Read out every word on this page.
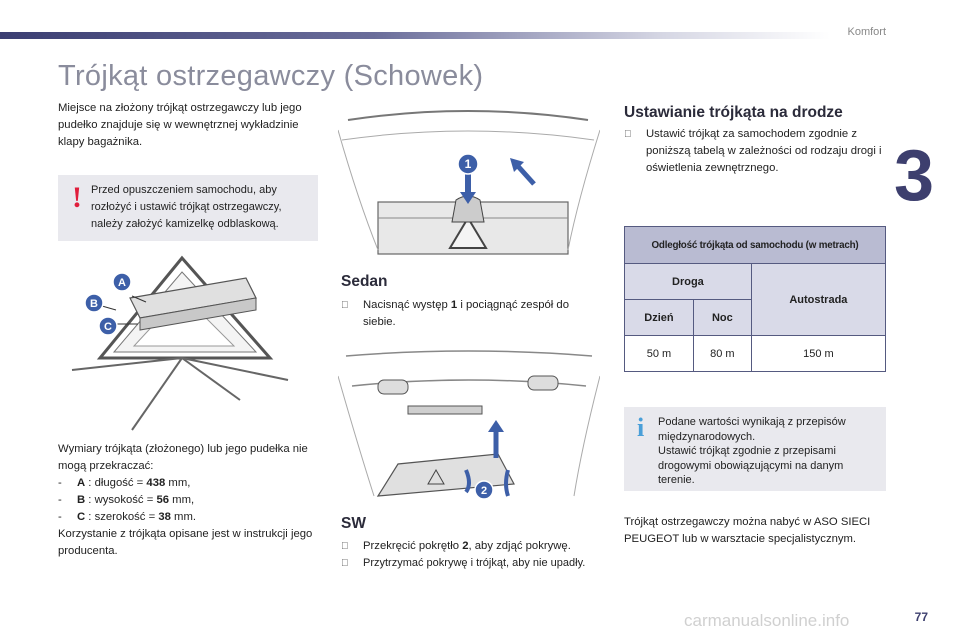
Komfort
3
Trójkąt ostrzegawczy (Schowek)
Miejsce na złożony trójkąt ostrzegawczy lub jego pudełko znajduje się w wewnętrznej wykładzinie klapy bagażnika.
! Przed opuszczeniem samochodu, aby rozłożyć i ustawić trójkąt ostrzegawczy, należy założyć kamizelkę odblaskową.
A
B
C
Wymiary trójkąta (złożonego) lub jego pudełka nie mogą przekraczać:
- A : długość = 438 mm,
- B : wysokość = 56 mm,
- C : szerokość = 38 mm.
Korzystanie z trójkąta opisane jest w instrukcji jego producenta.
1
Sedan
Nacisnąć występ 1 i pociągnąć zespół do siebie.
2
SW
Przekręcić pokrętło 2, aby zdjąć pokrywę.
Przytrzymać pokrywę i trójkąt, aby nie upadły.
Ustawianie trójkąta na drodze
Ustawić trójkąt za samochodem zgodnie z poniższą tabelą w zależności od rodzaju drogi i oświetlenia zewnętrznego.
Odległość trójkąta od samochodu (w metrach)		
Droga		Autostrada
Dzień	Noc	
50 m	80 m	150 m
i Podane wartości wynikają z przepisów międzynarodowych.
Ustawić trójkąt zgodnie z przepisami drogowymi obowiązującymi na danym terenie.
Trójkąt ostrzegawczy można nabyć w ASO SIECI PEUGEOT lub w warsztacie specjalistycznym.
carmanualsonline.info	77
